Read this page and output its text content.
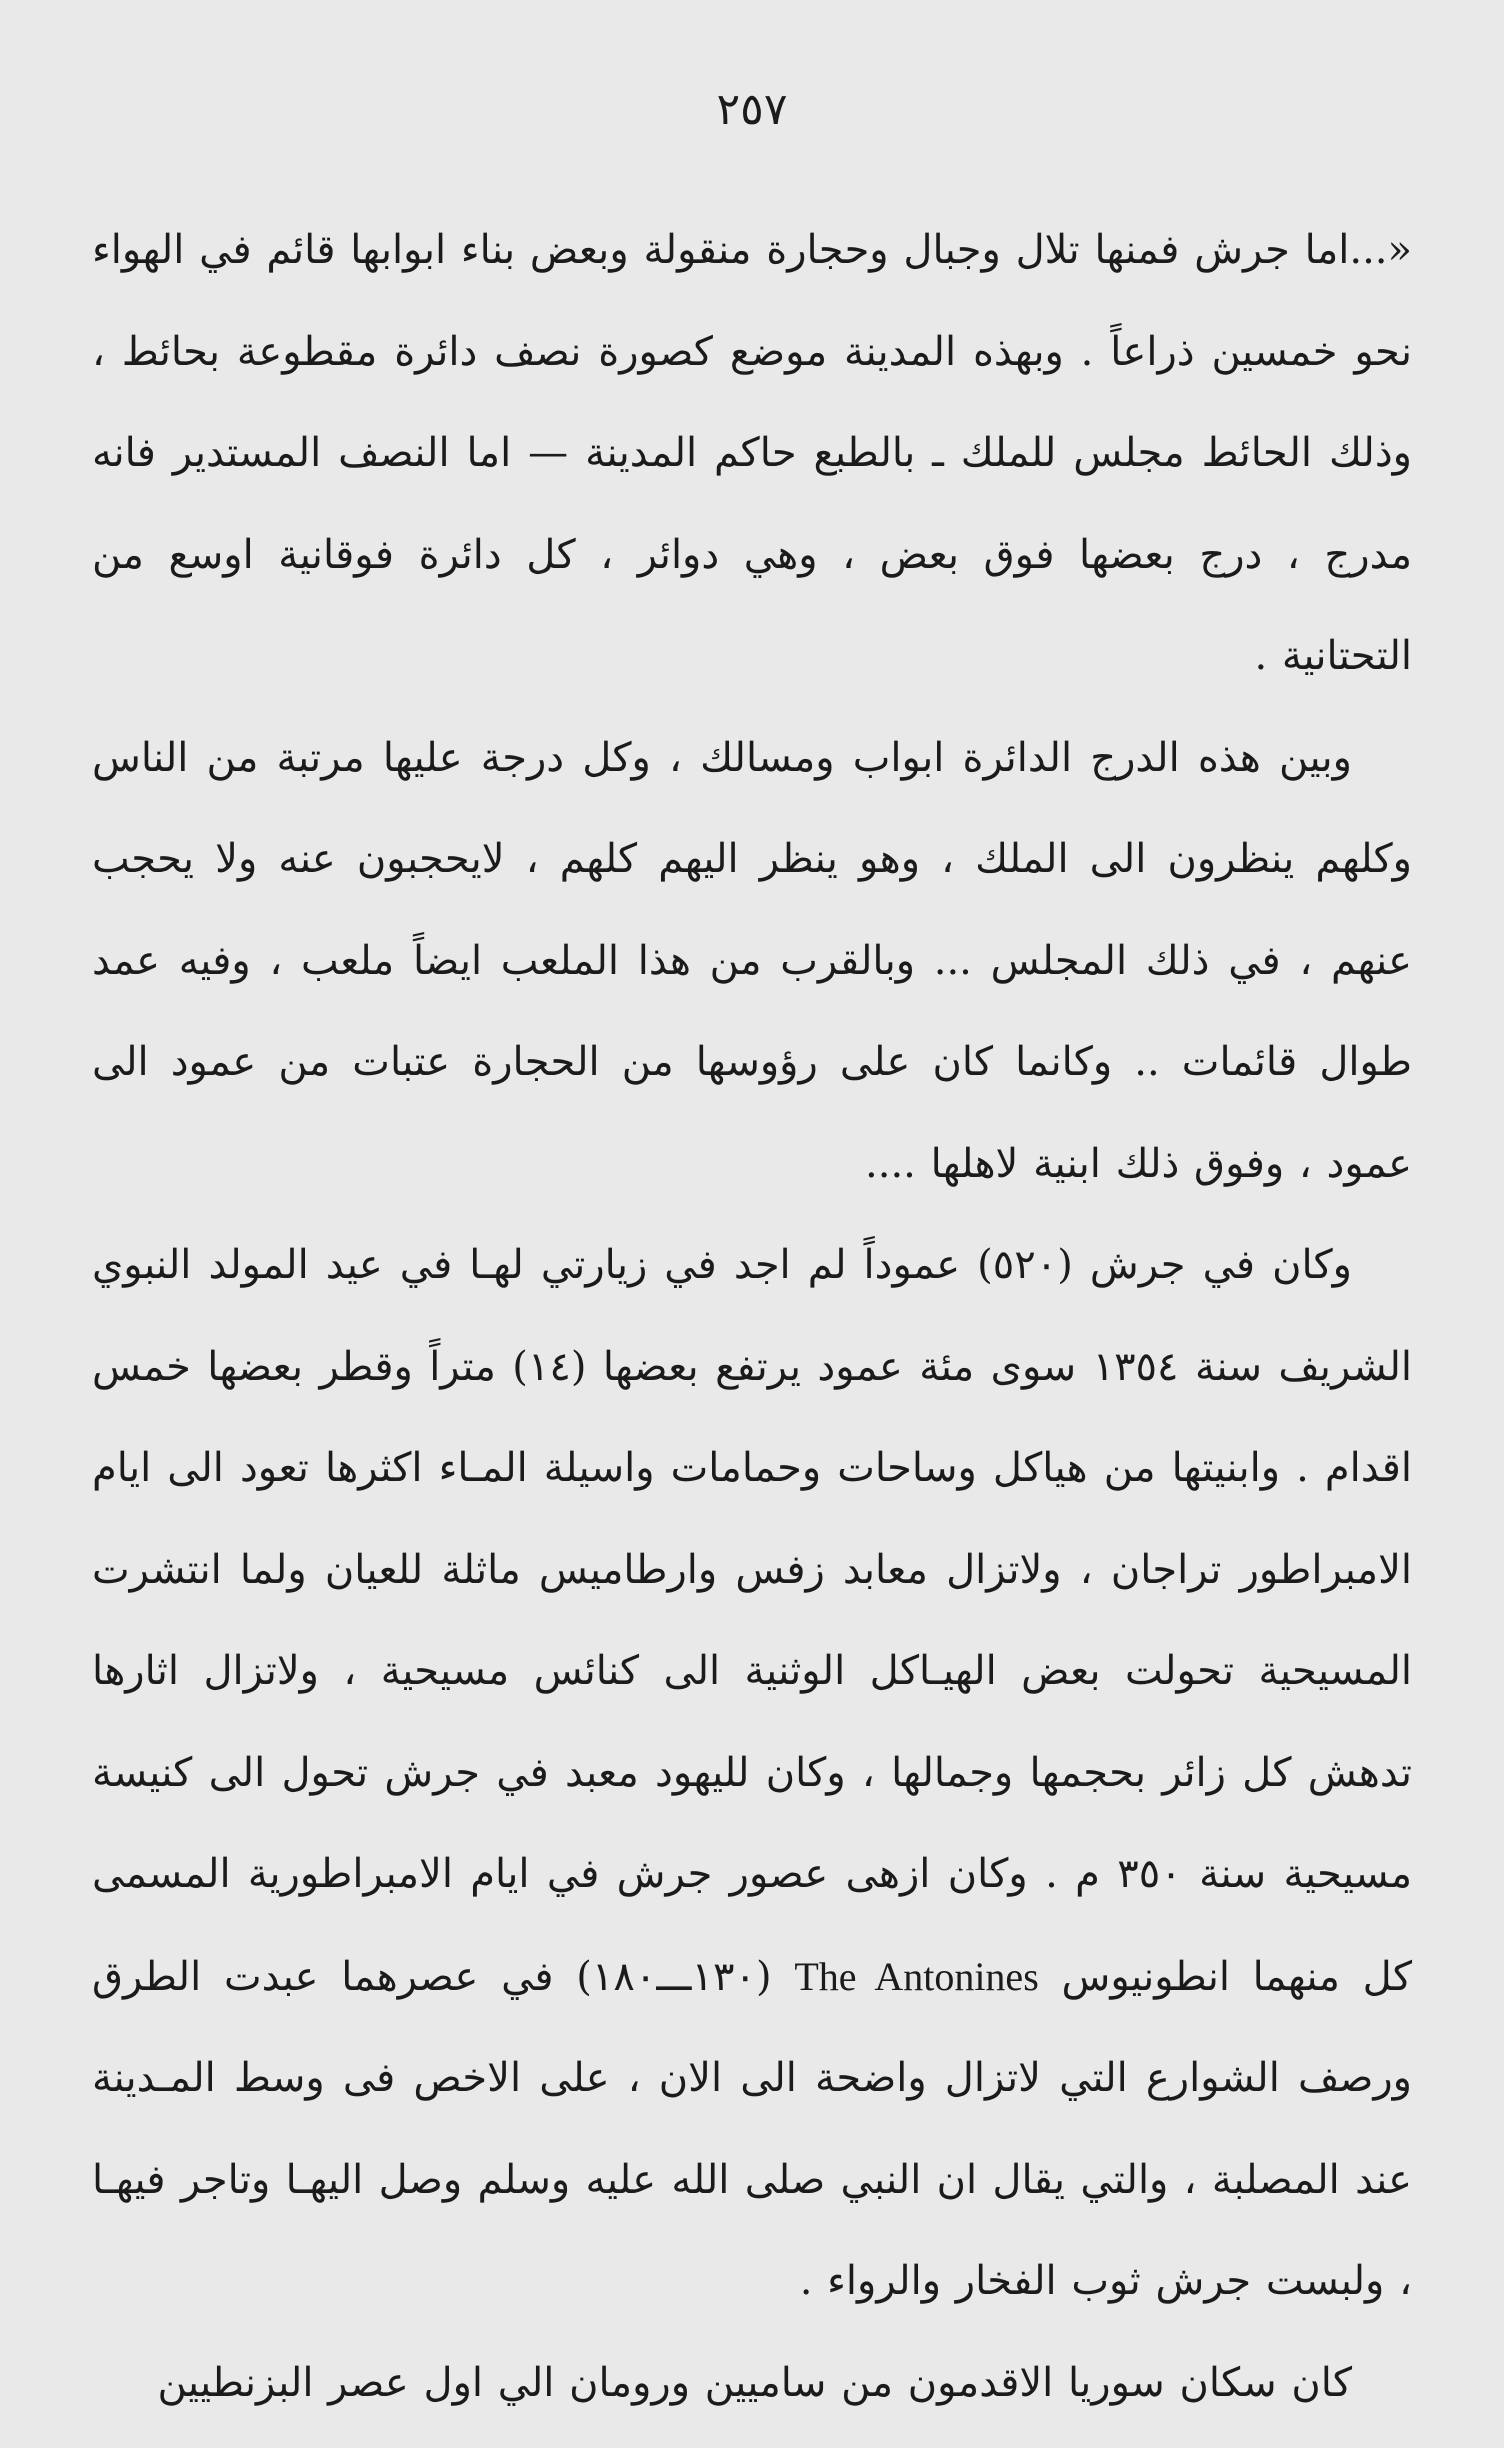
٢٥٧

«...اما جرش فمنها تلال وجبال وحجارة منقولة وبعض بناء ابوابها قائم في الهواء نحو خمسين ذراعاً . وبهذه المدينة موضع كصورة نصف دائرة مقطوعة بحائط ، وذلك الحائط مجلس للملك ـ بالطبع حاكم المدينة — اما النصف المستدير فانه مدرج ، درج بعضها فوق بعض ، وهي دوائر ، كل دائرة فوقانية اوسع من التحتانية .

وبين هذه الدرج الدائرة ابواب ومسالك ، وكل درجة عليها مرتبة من الناس وكلهم ينظرون الى الملك ، وهو ينظر اليهم كلهم ، لايحجبون عنه ولا يحجب عنهم ، في ذلك المجلس ... وبالقرب من هذا الملعب ايضاً ملعب ، وفيه عمد طوال قائمات .. وكانما كان على رؤوسها من الحجارة عتبات من عمود الى عمود ، وفوق ذلك ابنية لاهلها ....

وكان في جرش (٥٢٠) عموداً لم اجد في زيارتي لهـا في عيد المولد النبوي الشريف سنة ١٣٥٤ سوى مئة عمود يرتفع بعضها (١٤) متراً وقطر بعضها خمس اقدام . وابنيتها من هياكل وساحات وحمامات واسيلة المـاء اكثرها تعود الى ايام الامبراطور تراجان ، ولاتزال معابد زفس وارطاميس ماثلة للعيان ولما انتشرت المسيحية تحولت بعض الهيـاكل الوثنية الى كنائس مسيحية ، ولاتزال اثارها تدهش كل زائر بحجمها وجمالها ، وكان لليهود معبد في جرش تحول الى كنيسة مسيحية سنة ٣٥٠ م . وكان ازهى عصور جرش في ايام الامبراطورية المسمى كل منهما انطونيوس The Antonines (١٣٠ـــ١٨٠) في عصرهما عبدت الطرق ورصف الشوارع التي لاتزال واضحة الى الان ، على الاخص فى وسط المـدينة عند المصلبة ، والتي يقال ان النبي صلى الله عليه وسلم وصل اليهـا وتاجر فيهـا ، ولبست جرش ثوب الفخار والرواء .

كان سكان سوريا الاقدمون من ساميين ورومان الي اول عصر البزنطيين
